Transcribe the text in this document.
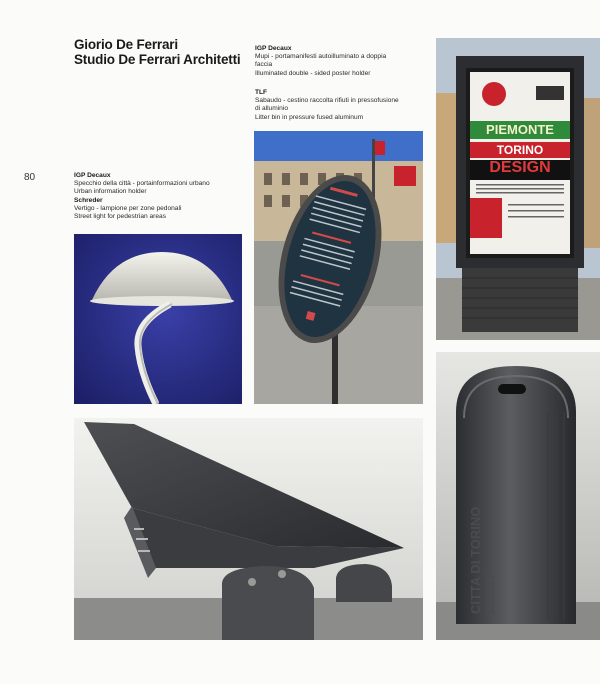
Giorio De Ferrari
Studio De Ferrari Architetti
80
IGP Decaux
Mupi - portamanifesti autoilluminato a doppia
faccia
Illuminated double - sided poster holder
TLF
Sabaudo - cestino raccolta rifiuti in pressofusione
di alluminio
Litter bin in pressure fused aluminum
IGP Decaux
Specchio della città - portainformazioni urbano
Urban information holder
Schreder
Vertigo - lampione per zone pedonali
Street light for pedestrian areas
PIEMONTE
TORINO
DESIGN
CITTA DI TORINO AMIAT
